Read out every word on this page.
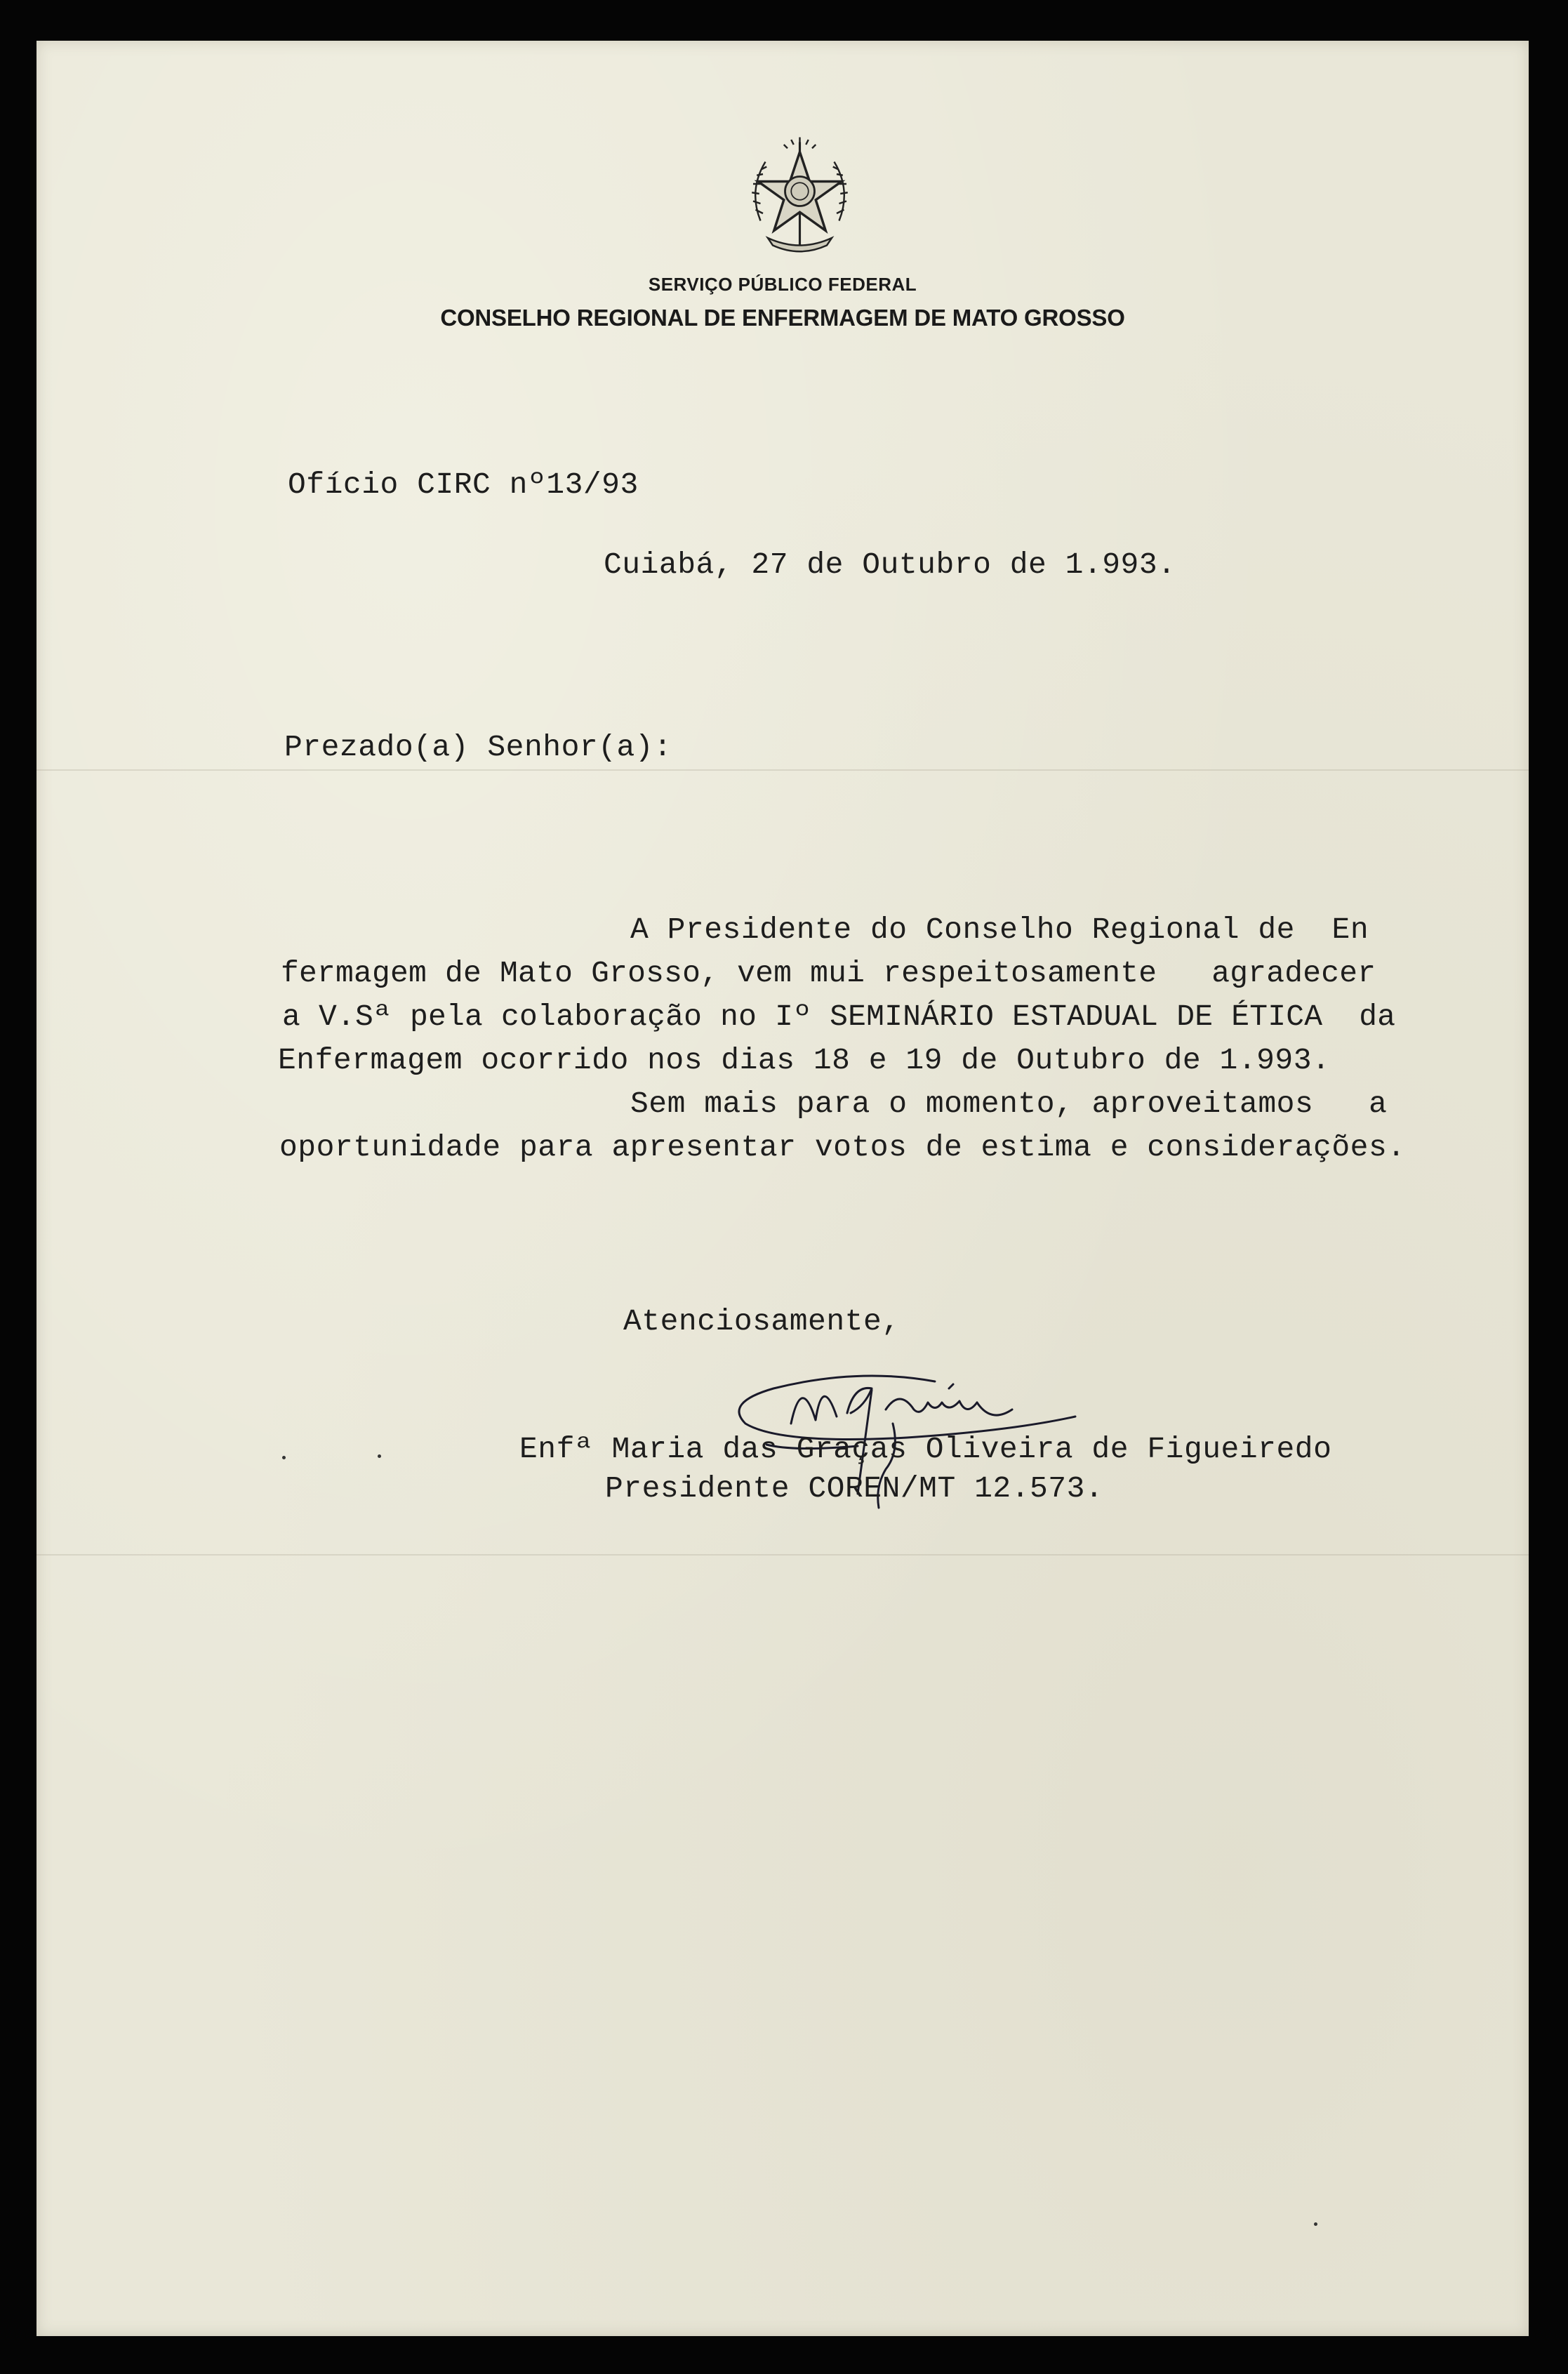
SERVIÇO PÚBLICO FEDERAL
CONSELHO REGIONAL DE ENFERMAGEM DE MATO GROSSO
Ofício CIRC nº13/93
Cuiabá, 27 de Outubro de 1.993.
Prezado(a) Senhor(a):
A Presidente do Conselho Regional de  En
fermagem de Mato Grosso, vem mui respeitosamente   agradecer
a V.Sª pela colaboração no Iº SEMINÁRIO ESTADUAL DE ÉTICA  da
Enfermagem ocorrido nos dias 18 e 19 de Outubro de 1.993.
Sem mais para o momento, aproveitamos   a
oportunidade para apresentar votos de estima e considerações.
Atenciosamente,
Enfª Maria das Graças Oliveira de Figueiredo
Presidente COREN/MT 12.573.
